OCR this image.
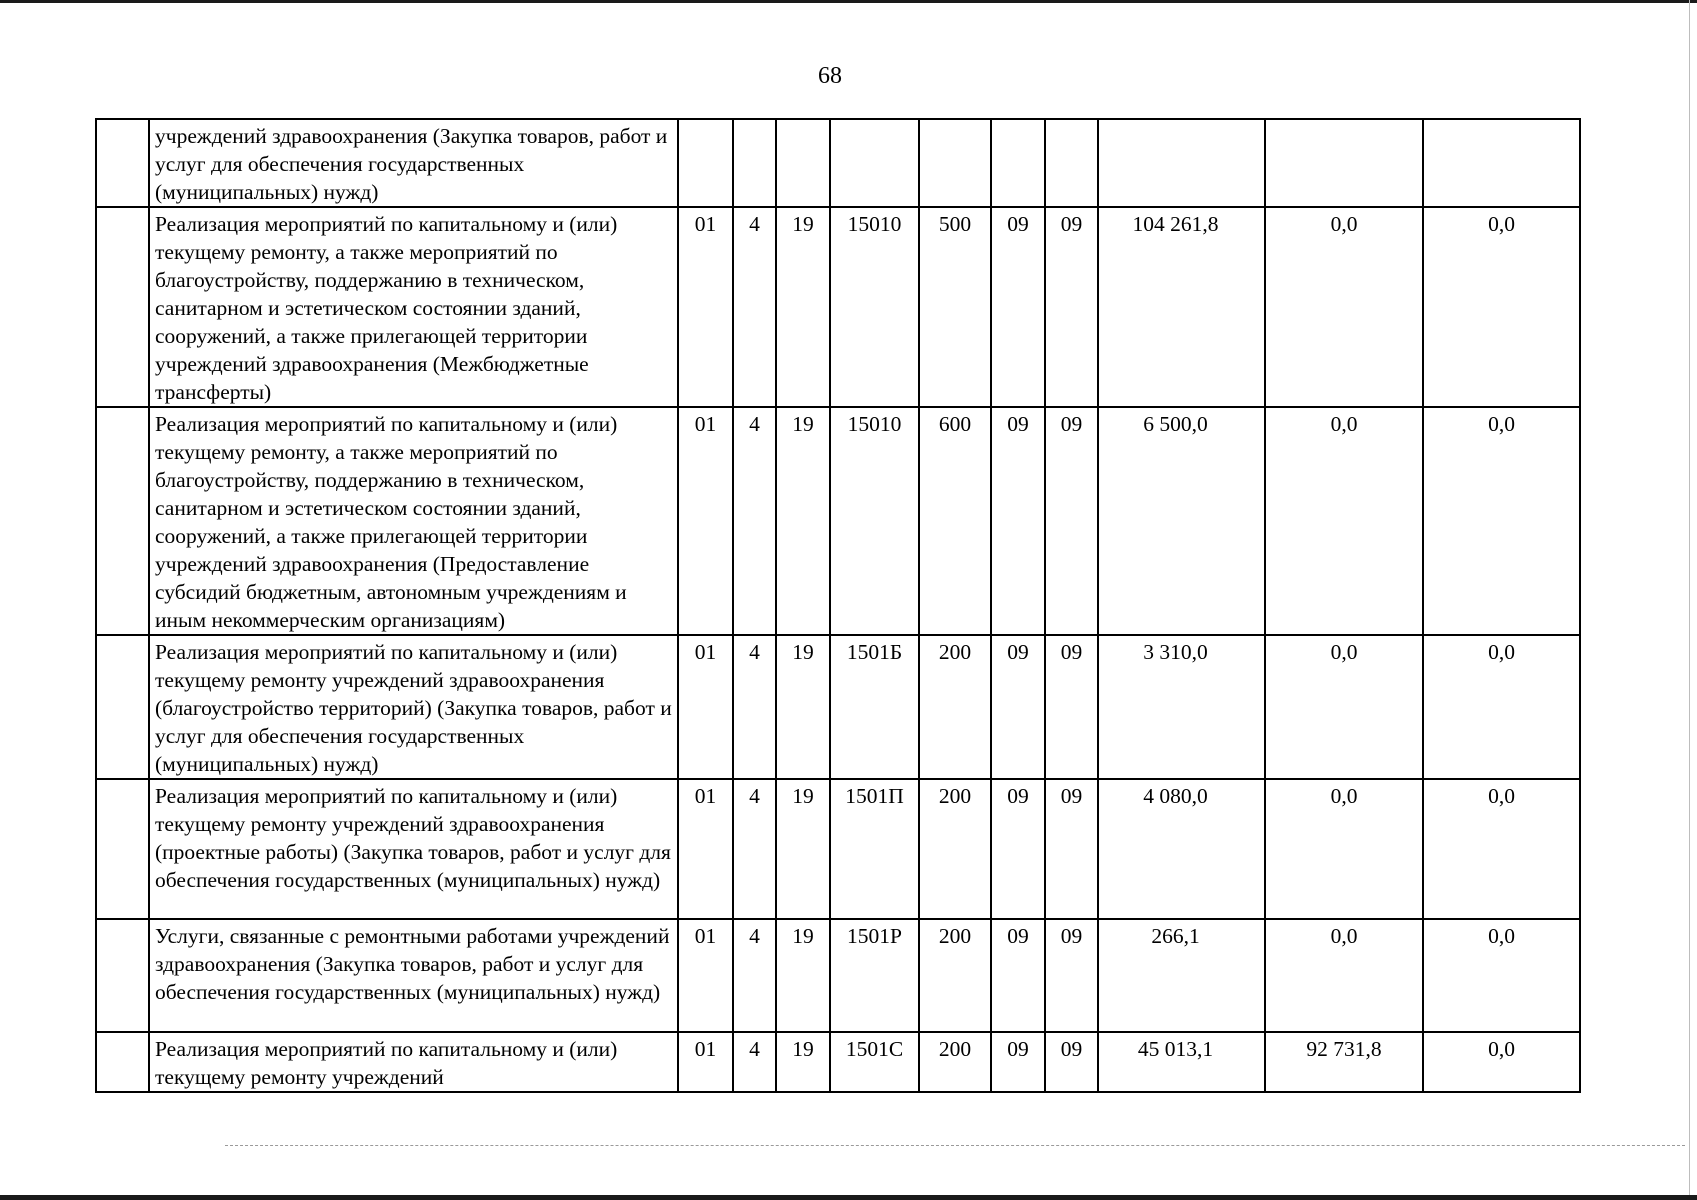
68
	учреждений здравоохранения (Закупка товаров, работ и услуг для обеспечения государственных (муниципальных) нужд)										
	Реализация мероприятий по капитальному и (или) текущему ремонту, а также мероприятий по благоустройству, поддержанию в техническом, санитарном и эстетическом состоянии зданий, сооружений, а также прилегающей территории учреждений здравоохранения (Межбюджетные трансферты)	01	4	19	15010	500	09	09	104 261,8	0,0	0,0
	Реализация мероприятий по капитальному и (или) текущему ремонту, а также мероприятий по благоустройству, поддержанию в техническом, санитарном и эстетическом состоянии зданий, сооружений, а также прилегающей территории учреждений здравоохранения (Предоставление субсидий бюджетным, автономным учреждениям и иным некоммерческим организациям)	01	4	19	15010	600	09	09	6 500,0	0,0	0,0
	Реализация мероприятий по капитальному и (или) текущему ремонту учреждений здравоохранения (благоустройство территорий) (Закупка товаров, работ и услуг для обеспечения государственных (муниципальных) нужд)	01	4	19	1501Б	200	09	09	3 310,0	0,0	0,0
	Реализация мероприятий по капитальному и (или) текущему ремонту учреждений здравоохранения (проектные работы) (Закупка товаров, работ и услуг для обеспечения государственных (муниципальных) нужд)	01	4	19	1501П	200	09	09	4 080,0	0,0	0,0
	Услуги, связанные с ремонтными работами учреждений здравоохранения (Закупка товаров, работ и услуг для обеспечения государственных (муниципальных) нужд)	01	4	19	1501Р	200	09	09	266,1	0,0	0,0
	Реализация мероприятий по капитальному и (или) текущему ремонту учреждений	01	4	19	1501С	200	09	09	45 013,1	92 731,8	0,0
